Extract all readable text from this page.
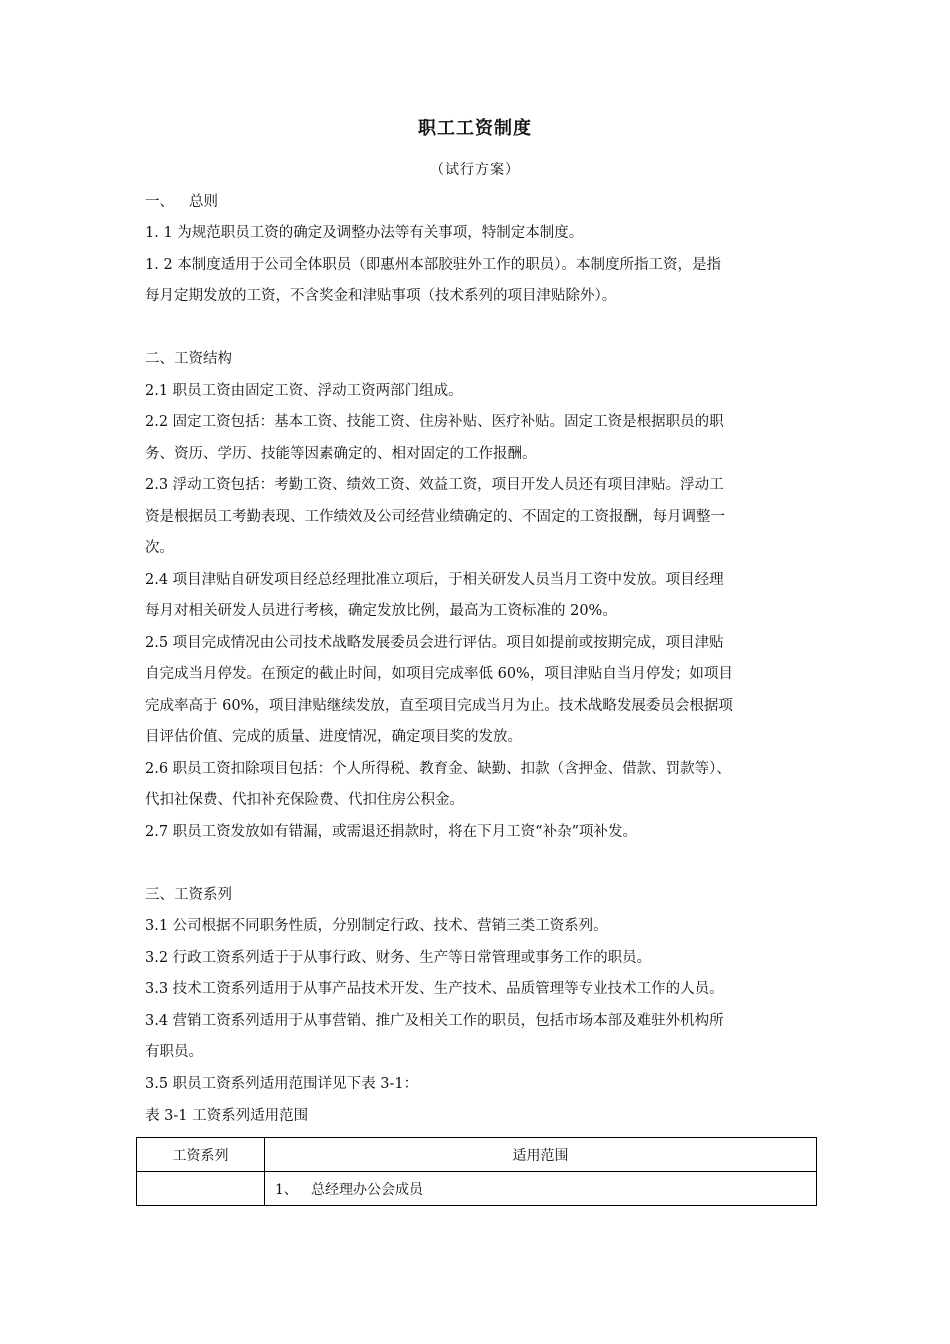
职工工资制度
（试行方案）
一、 总则
1. 1 为规范职员工资的确定及调整办法等有关事项，特制定本制度。
1. 2 本制度适用于公司全体职员（即惠州本部胶驻外工作的职员）。本制度所指工资，是指
每月定期发放的工资，不含奖金和津贴事项（技术系列的项目津贴除外）。
二、工资结构
2.1 职员工资由固定工资、浮动工资两部门组成。
2.2 固定工资包括：基本工资、技能工资、住房补贴、医疗补贴。固定工资是根据职员的职
务、资历、学历、技能等因素确定的、相对固定的工作报酬。
2.3 浮动工资包括：考勤工资、绩效工资、效益工资，项目开发人员还有项目津贴。浮动工
资是根据员工考勤表现、工作绩效及公司经营业绩确定的、不固定的工资报酬，每月调整一
次。
2.4 项目津贴自研发项目经总经理批准立项后，于相关研发人员当月工资中发放。项目经理
每月对相关研发人员进行考核，确定发放比例，最高为工资标准的 20%。
2.5 项目完成情况由公司技术战略发展委员会进行评估。项目如提前或按期完成，项目津贴
自完成当月停发。在预定的截止时间，如项目完成率低 60%，项目津贴自当月停发；如项目
完成率高于 60%，项目津贴继续发放，直至项目完成当月为止。技术战略发展委员会根据项
目评估价值、完成的质量、进度情况，确定项目奖的发放。
2.6 职员工资扣除项目包括：个人所得税、教育金、缺勤、扣款（含押金、借款、罚款等）、
代扣社保费、代扣补充保险费、代扣住房公积金。
2.7 职员工资发放如有错漏，或需退还捐款时，将在下月工资“补杂”项补发。
三、工资系列
3.1 公司根据不同职务性质，分别制定行政、技术、营销三类工资系列。
3.2 行政工资系列适于于从事行政、财务、生产等日常管理或事务工作的职员。
3.3 技术工资系列适用于从事产品技术开发、生产技术、品质管理等专业技术工作的人员。
3.4 营销工资系列适用于从事营销、推广及相关工作的职员，包括市场本部及难驻外机构所
有职员。
3.5 职员工资系列适用范围详见下表 3-1：
表 3-1 工资系列适用范围
工资系列	适用范围
	1、 总经理办公会成员
